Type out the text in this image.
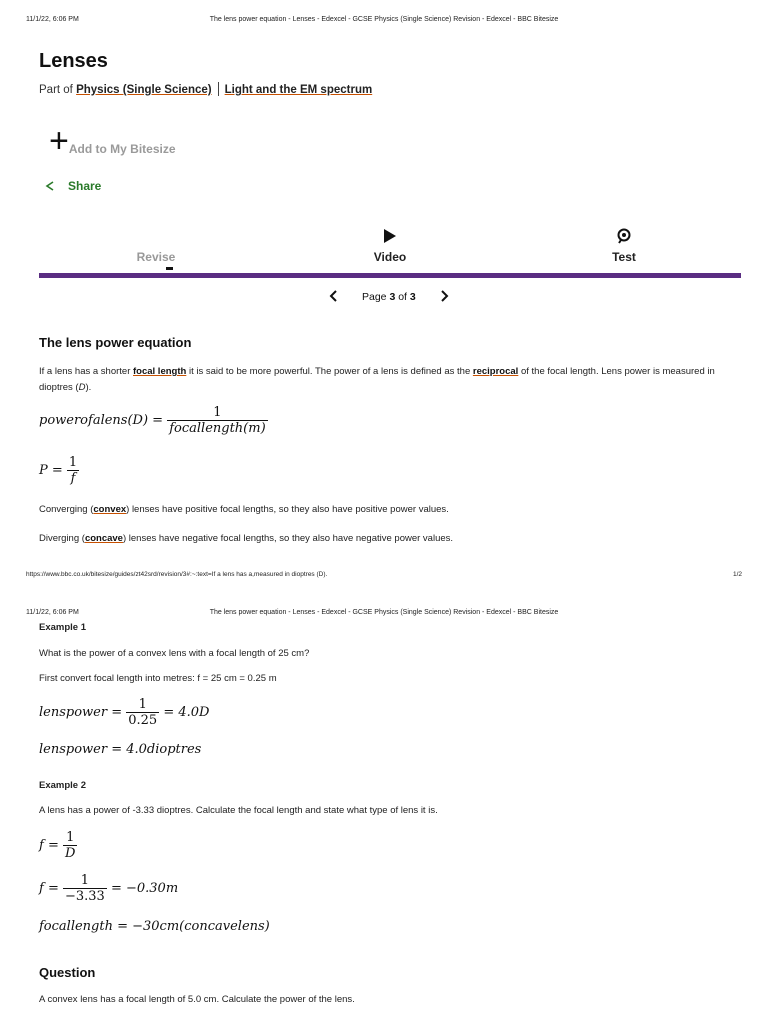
11/1/22, 6:06 PM	The lens power equation - Lenses - Edexcel - GCSE Physics (Single Science) Revision - Edexcel - BBC Bitesize
Lenses
Part of Physics (Single Science) Light and the EM spectrum
+ Add to My Bitesize
Share
Revise	Video	Test
Page 3 of 3
The lens power equation
If a lens has a shorter focal length it is said to be more powerful. The power of a lens is defined as the reciprocal of the focal length. Lens power is measured in dioptres (D).
powerofalens(D) = $\frac{1}{\text{focallength(m)}}$
$P = \frac{1}{f}$
Converging (convex) lenses have positive focal lengths, so they also have positive power values.
Diverging (concave) lenses have negative focal lengths, so they also have negative power values.
https://www.bbc.co.uk/bitesize/guides/zt42srd/revision/3#:~:text=If a lens has a,measured in dioptres (D).	1/2
11/1/22, 6:06 PM	The lens power equation - Lenses - Edexcel - GCSE Physics (Single Science) Revision - Edexcel - BBC Bitesize
Example 1
What is the power of a convex lens with a focal length of 25 cm?
First convert focal length into metres: f = 25 cm = 0.25 m
lenspower = $\frac{1}{0.25} = 4.0D$
lenspower = 4.0dioptres
Example 2
A lens has a power of -3.33 dioptres. Calculate the focal length and state what type of lens it is.
$f = \frac{1}{D}$
$f = \frac{1}{-3.33} = -0.30m$
focallength = −30cm(concavelens)
Question
A convex lens has a focal length of 5.0 cm. Calculate the power of the lens.
